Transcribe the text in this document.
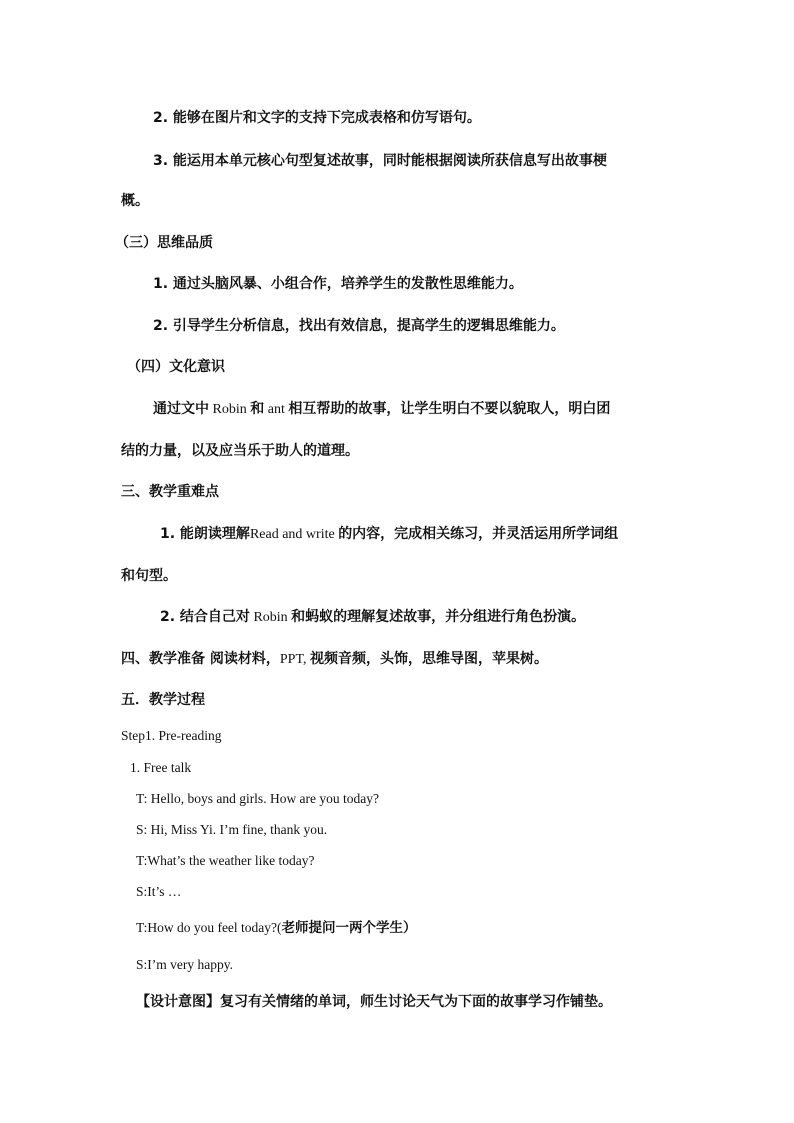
2. 能够在图片和文字的支持下完成表格和仿写语句。
3. 能运用本单元核心句型复述故事，同时能根据阅读所获信息写出故事梗
概。
（三）思维品质
1. 通过头脑风暴、小组合作，培养学生的发散性思维能力。
2. 引导学生分析信息，找出有效信息，提高学生的逻辑思维能力。
（四）文化意识
通过文中 Robin 和 ant 相互帮助的故事，让学生明白不要以貌取人，明白团
结的力量，以及应当乐于助人的道理。
三、教学重难点
1. 能朗读理解Read and write 的内容，完成相关练习，并灵活运用所学词组
和句型。
2. 结合自己对 Robin 和蚂蚁的理解复述故事，并分组进行角色扮演。
四、教学准备 阅读材料，PPT, 视频音频，头饰，思维导图，苹果树。
五．教学过程
Step1. Pre-reading
1. Free talk
T: Hello, boys and girls. How are you today?
S: Hi, Miss Yi. I’m fine, thank you.
T:What’s the weather like today?
S:It’s …
T:How do you feel today?(老师提问一两个学生）
S:I’m very happy.
【设计意图】复习有关情绪的单词，师生讨论天气为下面的故事学习作铺垫。
